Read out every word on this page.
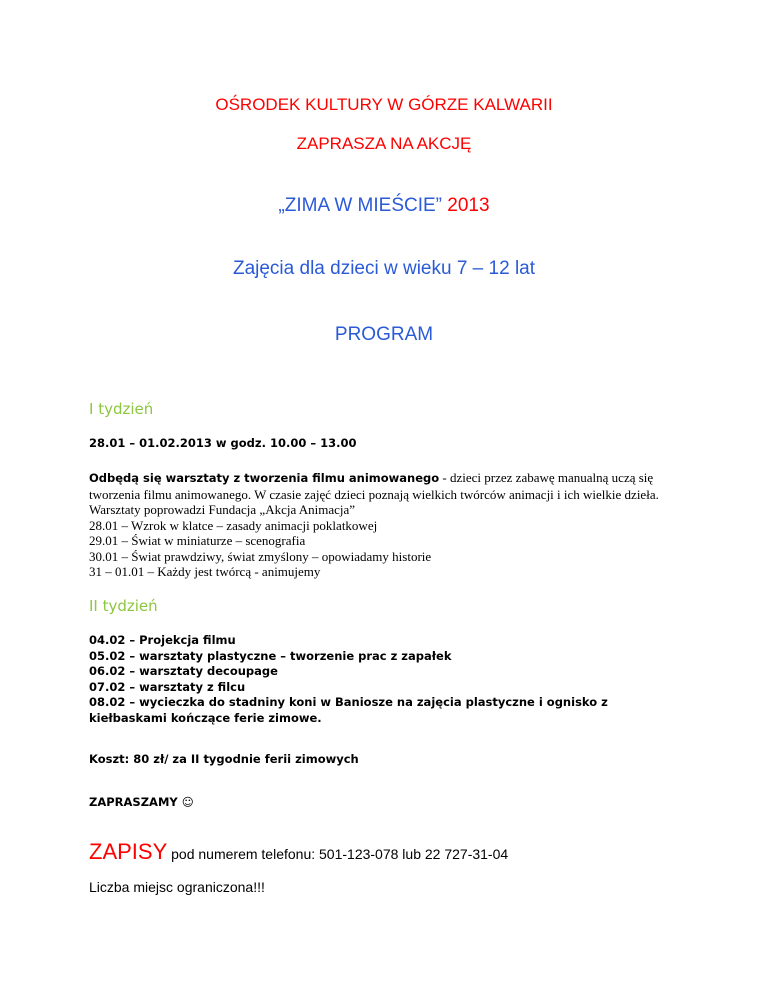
OŚRODEK KULTURY W GÓRZE KALWARII
ZAPRASZA NA AKCJĘ
„ZIMA W MIEŚCIE” 2013
Zajęcia dla dzieci w wieku 7 – 12 lat
PROGRAM
I tydzień
28.01 – 01.02.2013 w godz. 10.00 – 13.00
Odbędą się warsztaty z tworzenia filmu animowanego - dzieci przez zabawę manualną uczą się tworzenia filmu animowanego. W czasie zajęć dzieci poznają wielkich twórców animacji i ich wielkie dzieła. Warsztaty poprowadzi Fundacja „Akcja Animacja”
28.01 – Wzrok w klatce – zasady animacji poklatkowej
29.01 – Świat w miniaturze – scenografia
30.01 – Świat prawdziwy, świat zmyślony – opowiadamy historie
31 – 01.01 – Każdy jest twórcą - animujemy
II tydzień
04.02 – Projekcja filmu
05.02 – warsztaty plastyczne – tworzenie prac z zapałek
06.02 – warsztaty decoupage
07.02 – warsztaty z filcu
08.02 – wycieczka do stadniny koni w Baniosze na zajęcia plastyczne i ognisko z kiełbaskami kończące ferie zimowe.
Koszt: 80 zł/ za II tygodnie ferii zimowych
ZAPRASZAMY ☺
ZAPISY pod numerem telefonu: 501-123-078 lub 22 727-31-04
Liczba miejsc ograniczona!!!
